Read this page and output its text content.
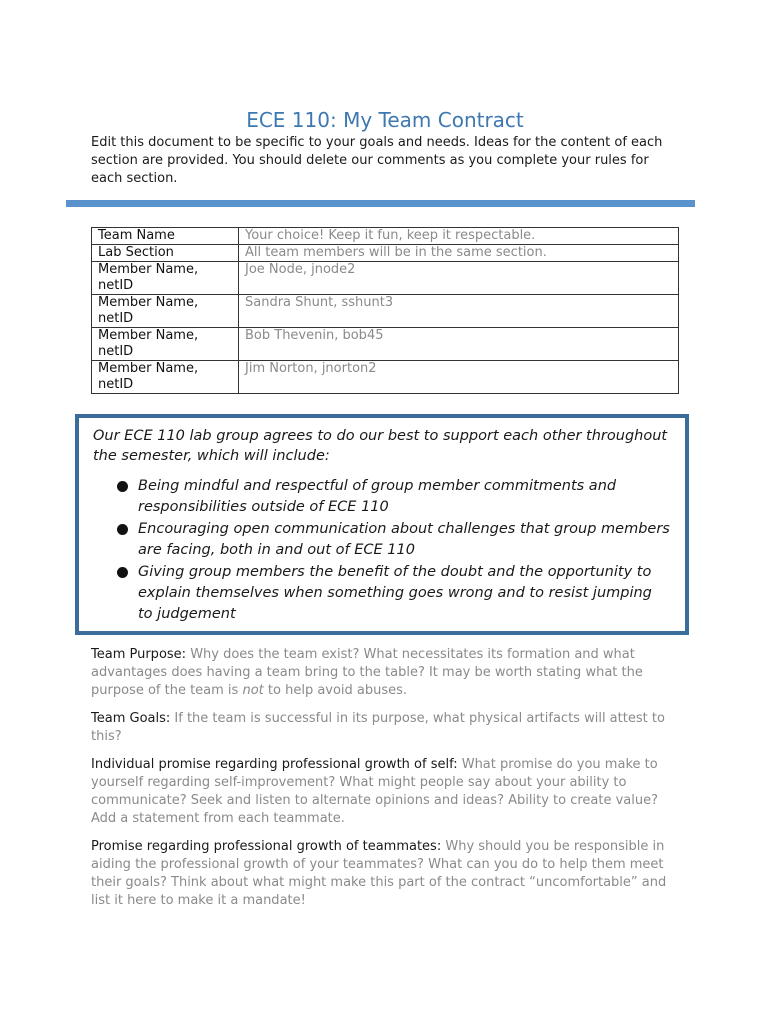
ECE 110: My Team Contract

Edit this document to be specific to your goals and needs. Ideas for the content of each section are provided. You should delete our comments as you complete your rules for each section.

Team Name	Your choice! Keep it fun, keep it respectable.
Lab Section	All team members will be in the same section.
Member Name, netID	Joe Node, jnode2
Member Name, netID	Sandra Shunt, sshunt3
Member Name, netID	Bob Thevenin, bob45
Member Name, netID	Jim Norton, jnorton2

Our ECE 110 lab group agrees to do our best to support each other throughout the semester, which will include:

Being mindful and respectful of group member commitments and responsibilities outside of ECE 110
Encouraging open communication about challenges that group members are facing, both in and out of ECE 110
Giving group members the benefit of the doubt and the opportunity to explain themselves when something goes wrong and to resist jumping to judgement

Team Purpose: Why does the team exist? What necessitates its formation and what advantages does having a team bring to the table? It may be worth stating what the purpose of the team is not to help avoid abuses.

Team Goals: If the team is successful in its purpose, what physical artifacts will attest to this?

Individual promise regarding professional growth of self: What promise do you make to yourself regarding self-improvement? What might people say about your ability to communicate? Seek and listen to alternate opinions and ideas? Ability to create value? Add a statement from each teammate.

Promise regarding professional growth of teammates: Why should you be responsible in aiding the professional growth of your teammates? What can you do to help them meet their goals? Think about what might make this part of the contract “uncomfortable” and list it here to make it a mandate!
